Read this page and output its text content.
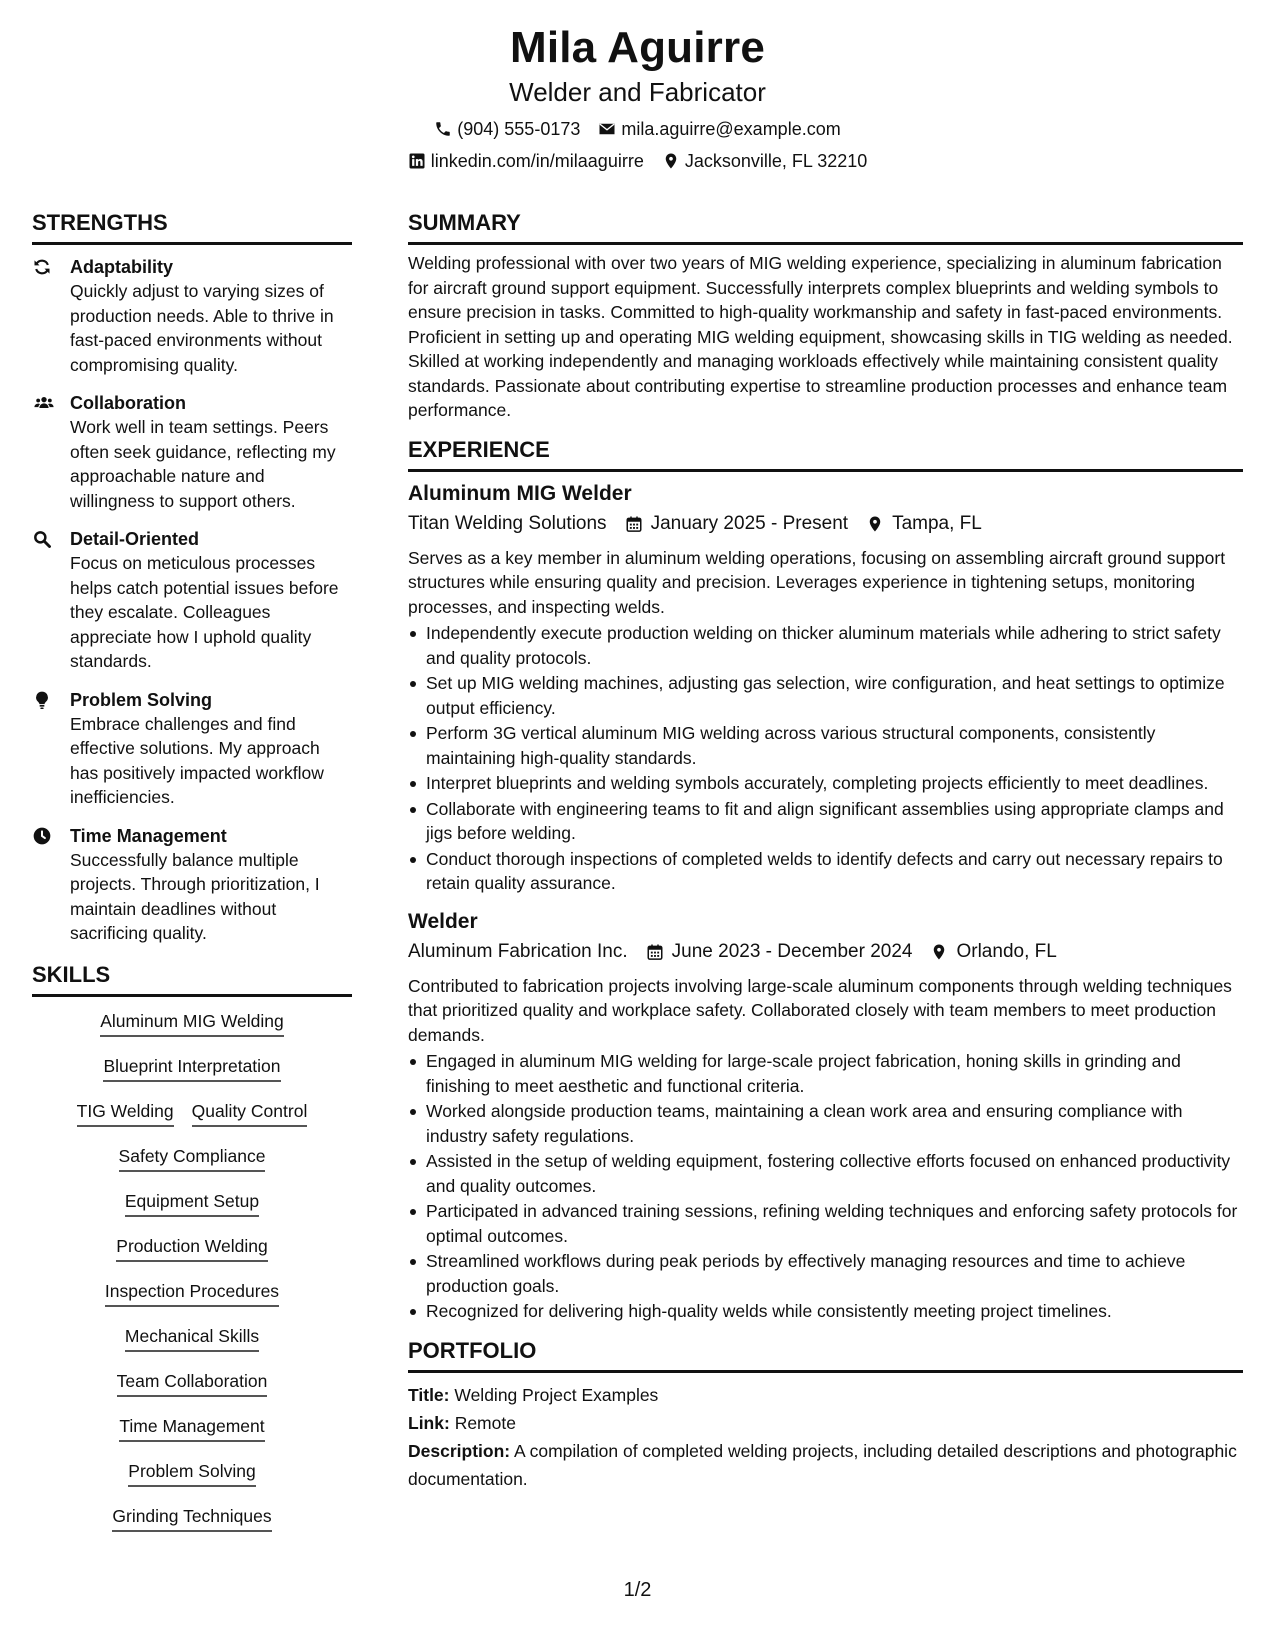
Mila Aguirre
Welder and Fabricator
(904) 555-0173 mila.aguirre@example.com
linkedin.com/in/milaaguirre Jacksonville, FL 32210
STRENGTHS
Adaptability
Quickly adjust to varying sizes of production needs. Able to thrive in fast-paced environments without compromising quality.
Collaboration
Work well in team settings. Peers often seek guidance, reflecting my approachable nature and willingness to support others.
Detail-Oriented
Focus on meticulous processes helps catch potential issues before they escalate. Colleagues appreciate how I uphold quality standards.
Problem Solving
Embrace challenges and find effective solutions. My approach has positively impacted workflow inefficiencies.
Time Management
Successfully balance multiple projects. Through prioritization, I maintain deadlines without sacrificing quality.
SKILLS
Aluminum MIG Welding
Blueprint Interpretation
TIG Welding Quality Control
Safety Compliance
Equipment Setup
Production Welding
Inspection Procedures
Mechanical Skills
Team Collaboration
Time Management
Problem Solving
Grinding Techniques
SUMMARY
Welding professional with over two years of MIG welding experience, specializing in aluminum fabrication for aircraft ground support equipment. Successfully interprets complex blueprints and welding symbols to ensure precision in tasks. Committed to high-quality workmanship and safety in fast-paced environments. Proficient in setting up and operating MIG welding equipment, showcasing skills in TIG welding as needed. Skilled at working independently and managing workloads effectively while maintaining consistent quality standards. Passionate about contributing expertise to streamline production processes and enhance team performance.
EXPERIENCE
Aluminum MIG Welder
Titan Welding Solutions January 2025 - Present Tampa, FL
Serves as a key member in aluminum welding operations, focusing on assembling aircraft ground support structures while ensuring quality and precision. Leverages experience in tightening setups, monitoring processes, and inspecting welds.
Independently execute production welding on thicker aluminum materials while adhering to strict safety and quality protocols.
Set up MIG welding machines, adjusting gas selection, wire configuration, and heat settings to optimize output efficiency.
Perform 3G vertical aluminum MIG welding across various structural components, consistently maintaining high-quality standards.
Interpret blueprints and welding symbols accurately, completing projects efficiently to meet deadlines.
Collaborate with engineering teams to fit and align significant assemblies using appropriate clamps and jigs before welding.
Conduct thorough inspections of completed welds to identify defects and carry out necessary repairs to retain quality assurance.
Welder
Aluminum Fabrication Inc. June 2023 - December 2024 Orlando, FL
Contributed to fabrication projects involving large-scale aluminum components through welding techniques that prioritized quality and workplace safety. Collaborated closely with team members to meet production demands.
Engaged in aluminum MIG welding for large-scale project fabrication, honing skills in grinding and finishing to meet aesthetic and functional criteria.
Worked alongside production teams, maintaining a clean work area and ensuring compliance with industry safety regulations.
Assisted in the setup of welding equipment, fostering collective efforts focused on enhanced productivity and quality outcomes.
Participated in advanced training sessions, refining welding techniques and enforcing safety protocols for optimal outcomes.
Streamlined workflows during peak periods by effectively managing resources and time to achieve production goals.
Recognized for delivering high-quality welds while consistently meeting project timelines.
PORTFOLIO
Title: Welding Project Examples
Link: Remote
Description: A compilation of completed welding projects, including detailed descriptions and photographic documentation.
1/2
